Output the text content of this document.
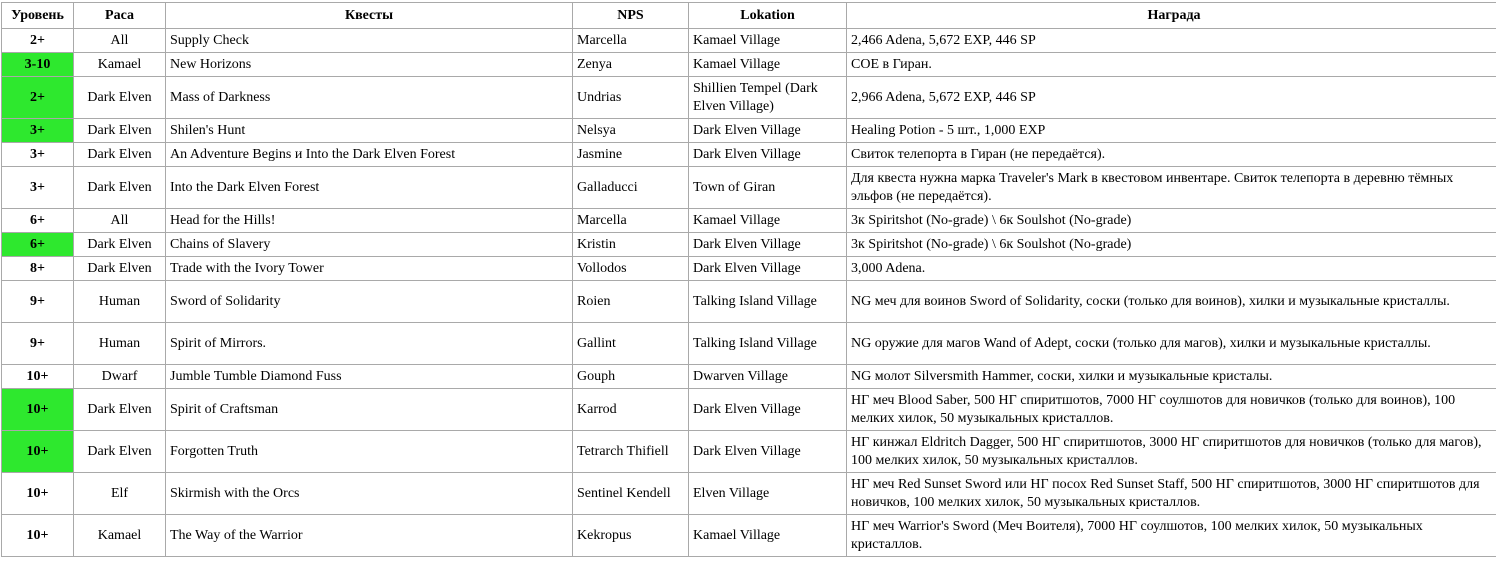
Уровень	Раса	Квесты	NPS	Lokation	Награда
2+	All	Supply Check	Marcella	Kamael Village	2,466 Adena, 5,672 EXP, 446 SP
3-10	Kamael	New Horizons	Zenya	Kamael Village	СОЕ в Гиран.
2+	Dark Elven	Mass of Darkness	Undrias	Shillien Tempel (Dark Elven Village)	2,966 Adena, 5,672 EXP, 446 SP
3+	Dark Elven	Shilen's Hunt	Nelsya	Dark Elven Village	Healing Potion - 5 шт., 1,000 EXP
3+	Dark Elven	An Adventure Begins и Into the Dark Elven Forest	Jasmine	Dark Elven Village	Свиток телепорта в Гиран (не передаётся).
3+	Dark Elven	Into the Dark Elven Forest	Galladucci	Town of Giran	Для квеста нужна марка Traveler's Mark в квестовом инвентаре. Свиток телепорта в деревню тёмных эльфов (не передаётся).
6+	All	Head for the Hills!	Marcella	Kamael Village	3к Spiritshot (No-grade) \ 6к Soulshot (No-grade)
6+	Dark Elven	Chains of Slavery	Kristin	Dark Elven Village	3к Spiritshot (No-grade) \ 6к Soulshot (No-grade)
8+	Dark Elven	Trade with the Ivory Tower	Vollodos	Dark Elven Village	3,000 Adena.
9+	Human	Sword of Solidarity	Roien	Talking Island Village	NG меч для воинов Sword of Solidarity, соски (только для воинов), хилки и музыкальные кристаллы.
9+	Human	Spirit of Mirrors.	Gallint	Talking Island Village	NG оружие для магов Wand of Adept, соски (только для магов), хилки и музыкальные кристаллы.
10+	Dwarf	Jumble Tumble Diamond Fuss	Gouph	Dwarven Village	NG молот Silversmith Hammer, соски, хилки и музыкальные кристалы.
10+	Dark Elven	Spirit of Craftsman	Karrod	Dark Elven Village	НГ меч Blood Saber, 500 НГ спиритшотов, 7000 НГ соулшотов для новичков (только для воинов), 100 мелких хилок, 50 музыкальных кристаллов.
10+	Dark Elven	Forgotten Truth	Tetrarch Thifiell	Dark Elven Village	НГ кинжал Eldritch Dagger, 500 НГ спиритшотов, 3000 НГ спиритшотов для новичков (только для магов), 100 мелких хилок, 50 музыкальных кристаллов.
10+	Elf	Skirmish with the Orcs	Sentinel Kendell	Elven Village	НГ меч Red Sunset Sword или НГ посох Red Sunset Staff, 500 НГ спиритшотов, 3000 НГ спиритшотов для новичков, 100 мелких хилок, 50 музыкальных кристаллов.
10+	Kamael	The Way of the Warrior	Kekropus	Kamael Village	НГ меч Warrior's Sword (Меч Воителя), 7000 НГ соулшотов, 100 мелких хилок, 50 музыкальных кристаллов.
